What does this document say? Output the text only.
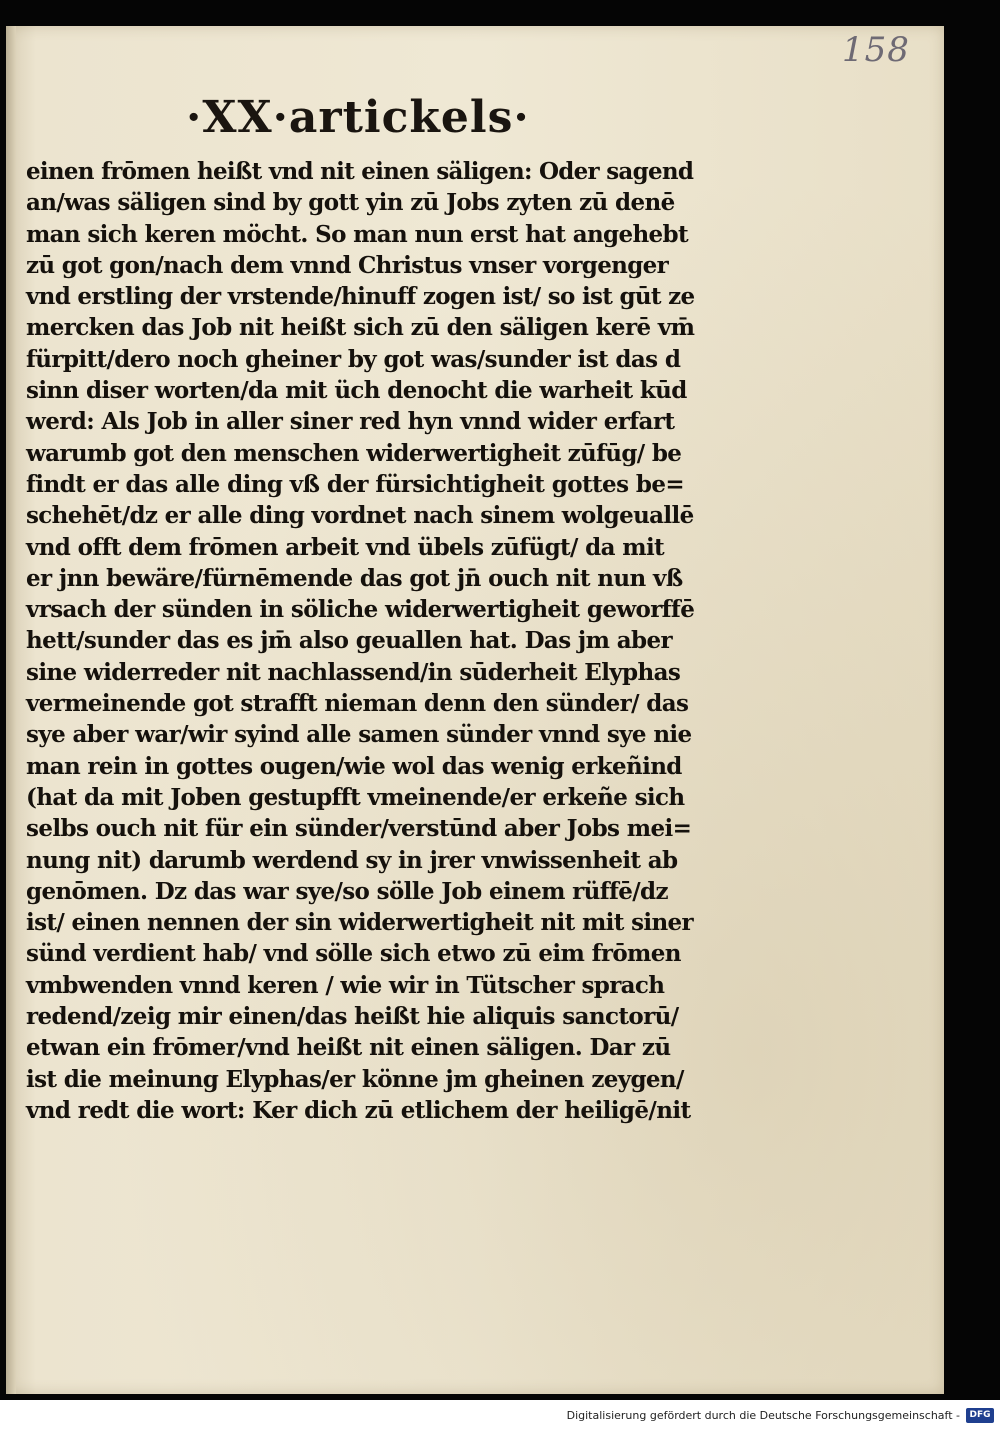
158
·XX·artickels·
einen frōmen heißt vnd nit einen säligen: Oder sagend
an/was säligen sind by gott yin zū Jobs zyten zū denē
man sich keren möcht. So man nun erst hat angehebt
zū got gon/nach dem vnnd Christus vnser vorgenger
vnd erstling der vrstende/hinuff zogen ist/ so ist gūt ze
mercken das Job nit heißt sich zū den säligen kerē vm̄
fürpitt/dero noch gheiner by got was/sunder ist das d
sinn diser worten/da mit üch denocht die warheit kūd
werd: Als Job in aller siner red hyn vnnd wider erfart
warumb got den menschen widerwertigheit zūfūg/ be
findt er das alle ding vß der fürsichtigheit gottes be=
schehēt/dz er alle ding vordnet nach sinem wolgeuallē
vnd offt dem frōmen arbeit vnd übels zūfügt/ da mit
er jnn bewäre/fürnēmende das got jn̄ ouch nit nun vß
vrsach der sünden in söliche widerwertigheit geworffē
hett/sunder das es jm̄ also geuallen hat. Das jm aber
sine widerreder nit nachlassend/in sūderheit Elyphas
vermeinende got strafft nieman denn den sünder/ das
sye aber war/wir syind alle samen sünder vnnd sye nie
man rein in gottes ougen/wie wol das wenig erkeñind
(hat da mit Joben gestupfft vmeinende/er erkeñe sich
selbs ouch nit für ein sünder/verstūnd aber Jobs mei=
nung nit) darumb werdend sy in jrer vnwissenheit ab
genōmen. Dz das war sye/so sölle Job einem rüffē/dz
ist/ einen nennen der sin widerwertigheit nit mit siner
sünd verdient hab/ vnd sölle sich etwo zū eim frōmen
vmbwenden vnnd keren / wie wir in Tütscher sprach
redend/zeig mir einen/das heißt hie aliquis sanctorū/
etwan ein frōmer/vnd heißt nit einen säligen. Dar zū
ist die meinung Elyphas/er könne jm gheinen zeygen/
vnd redt die wort: Ker dich zū etlichem der heiligē/nit
Digitalisierung gefördert durch die Deutsche Forschungsgemeinschaft -	DFG
